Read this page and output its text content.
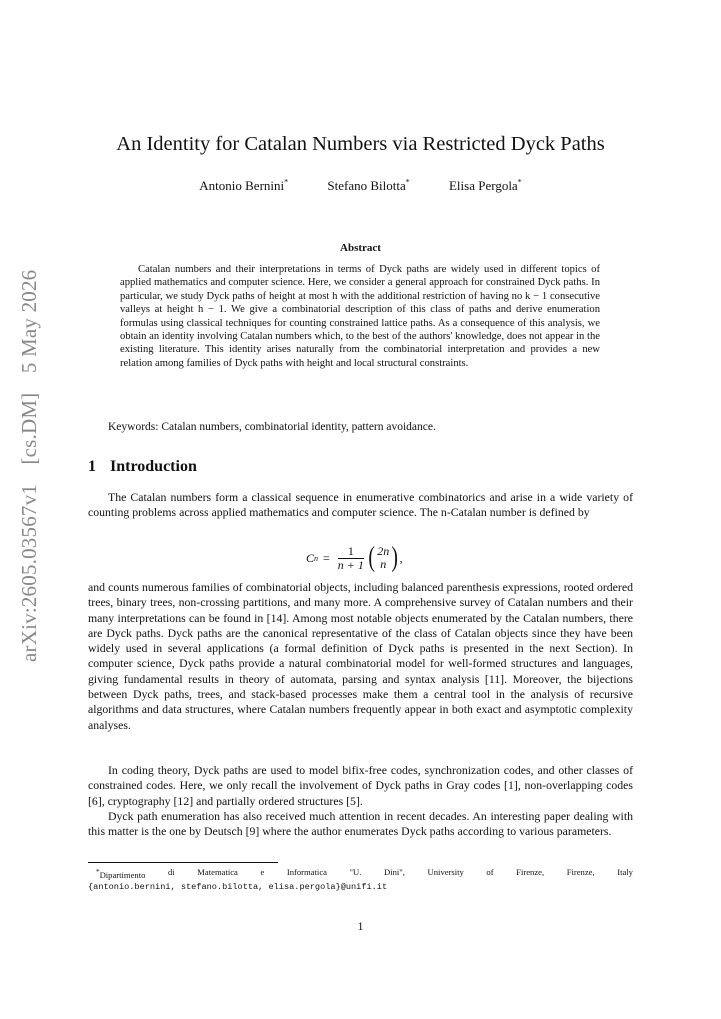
arXiv:2605.03567v1 [cs.DM] 5 May 2026
An Identity for Catalan Numbers via Restricted Dyck Paths
Antonio Bernini*	Stefano Bilotta*	Elisa Pergola*
Abstract

Catalan numbers and their interpretations in terms of Dyck paths are widely used in different topics of applied mathematics and computer science. Here, we consider a general approach for constrained Dyck paths. In particular, we study Dyck paths of height at most h with the additional restriction of having no k − 1 consecutive valleys at height h − 1. We give a combinatorial description of this class of paths and derive enumeration formulas using classical techniques for counting constrained lattice paths. As a consequence of this analysis, we obtain an identity involving Catalan numbers which, to the best of the authors' knowledge, does not appear in the existing literature. This identity arises naturally from the combinatorial interpretation and provides a new relation among families of Dyck paths with height and local structural constraints.

Keywords: Catalan numbers, combinatorial identity, pattern avoidance.
1 Introduction

The Catalan numbers form a classical sequence in enumerative combinatorics and arise in a wide variety of counting problems across applied mathematics and computer science. The n-Catalan number is defined by

C $n = \frac{1}{n + 1}$ ( 2n
n ) ,

and counts numerous families of combinatorial objects, including balanced parenthesis expressions, rooted ordered trees, binary trees, non-crossing partitions, and many more. A comprehensive survey of Catalan numbers and their many interpretations can be found in [14]. Among most notable objects enumerated by the Catalan numbers, there are Dyck paths. Dyck paths are the canonical representative of the class of Catalan objects since they have been widely used in several applications (a formal definition of Dyck paths is presented in the next Section). In computer science, Dyck paths provide a natural combinatorial model for well-formed structures and languages, giving fundamental results in theory of automata, parsing and syntax analysis [11]. Moreover, the bijections between Dyck paths, trees, and stack-based processes make them a central tool in the analysis of recursive algorithms and data structures, where Catalan numbers frequently appear in both exact and asymptotic complexity analyses.

In coding theory, Dyck paths are used to model bifix-free codes, synchronization codes, and other classes of constrained codes. Here, we only recall the involvement of Dyck paths in Gray codes [1], non-overlapping codes [6], cryptography [12] and partially ordered structures [5].

Dyck path enumeration has also received much attention in recent decades. An interesting paper dealing with this matter is the one by Deutsch [9] where the author enumerates Dyck paths according to various parameters.

*Dipartimento	di	Matematica	e	Informatica	"U.	Dini",	University	of	Firenze,	Firenze,	Italy
{antonio.bernini, stefano.bilotta, elisa.pergola}@unifi.it
1
